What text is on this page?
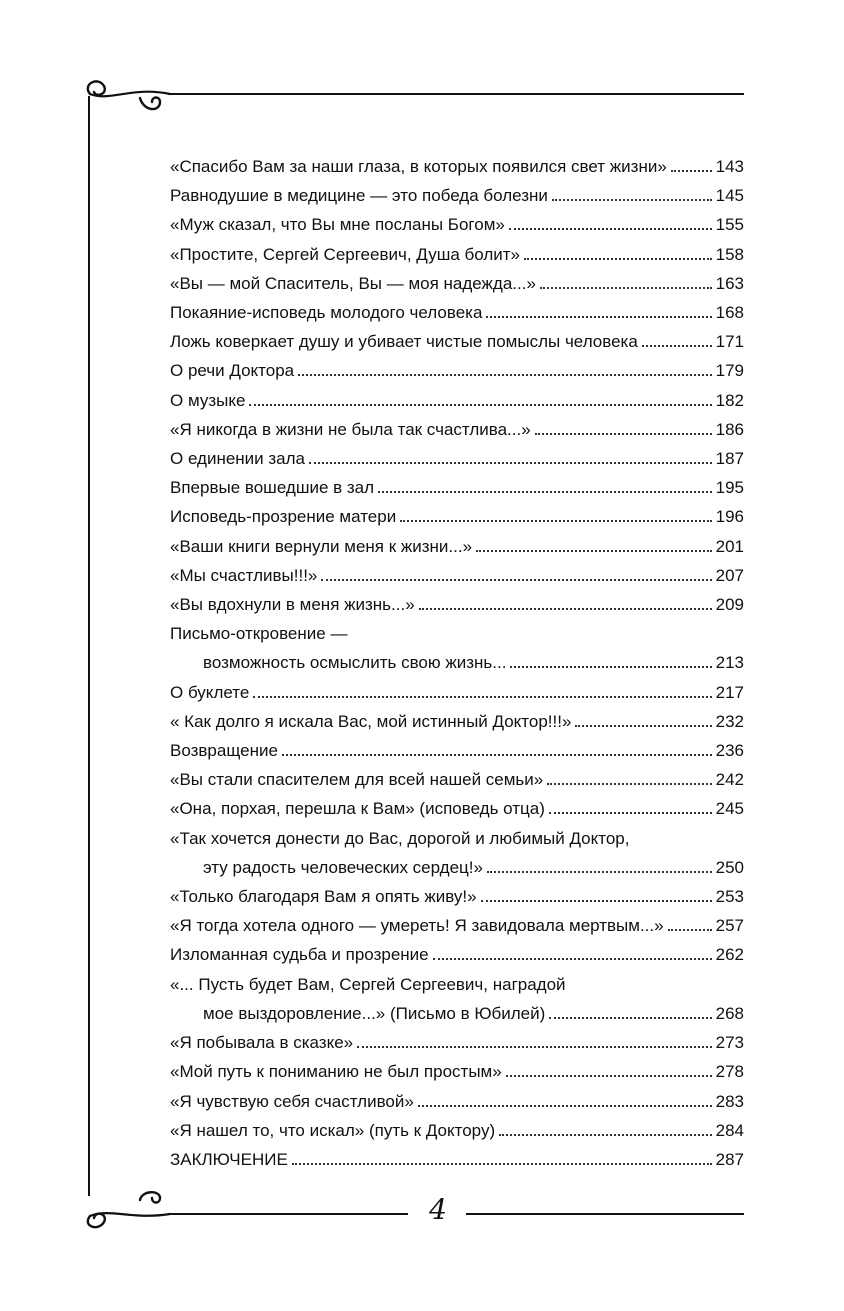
4
«Спасибо Вам за наши глаза, в которых появился свет жизни»	143
Равнодушие в медицине — это победа болезни	145
«Муж сказал, что Вы мне посланы Богом»	155
«Простите, Сергей Сергеевич, Душа болит»	158
«Вы — мой Спаситель, Вы — моя надежда...»	163
Покаяние-исповедь молодого человека	168
Ложь коверкает душу и убивает чистые помыслы человека	171
О речи Доктора	179
О музыке	182
«Я никогда в жизни не была так счастлива...»	186
О единении зала	187
Впервые вошедшие в зал	195
Исповедь-прозрение матери	196
«Ваши книги вернули меня к жизни...»	201
«Мы счастливы!!!»	207
«Вы вдохнули в меня жизнь...»	209
Письмо-откровение —
возможность осмыслить свою жизнь...	213
О буклете	217
« Как долго я искала Вас, мой истинный Доктор!!!»	232
Возвращение	236
«Вы стали спасителем для всей нашей семьи»	242
«Она, порхая, перешла к Вам» (исповедь отца)	245
«Так хочется донести до Вас, дорогой и любимый Доктор,
эту радость человеческих сердец!»	250
«Только благодаря Вам я опять живу!»	253
«Я тогда хотела одного — умереть! Я завидовала мертвым...»	257
Изломанная судьба и прозрение	262
«... Пусть будет Вам, Сергей Сергеевич, наградой
мое выздоровление...» (Письмо в Юбилей)	268
«Я побывала в сказке»	273
«Мой путь к пониманию не был простым»	278
«Я чувствую себя счастливой»	283
«Я нашел то, что искал» (путь к Доктору)	284
ЗАКЛЮЧЕНИЕ	287
